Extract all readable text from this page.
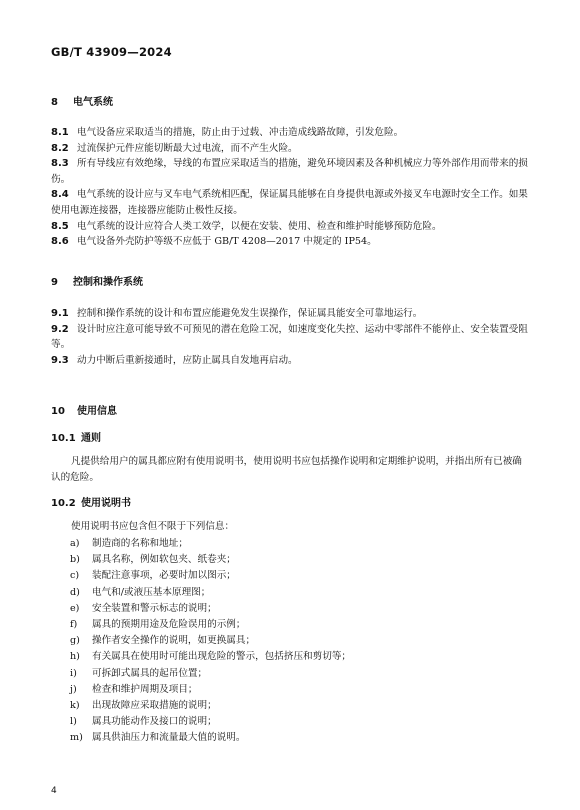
GB/T 43909—2024
8 电气系统
8.1 电气设备应采取适当的措施，防止由于过载、冲击造成线路故障，引发危险。
8.2 过流保护元件应能切断最大过电流，而不产生火险。
8.3 所有导线应有效绝缘，导线的布置应采取适当的措施，避免环境因素及各种机械应力等外部作用而带来的损伤。
8.4 电气系统的设计应与叉车电气系统相匹配，保证属具能够在自身提供电源或外接叉车电源时安全工作。如果使用电源连接器，连接器应能防止极性反接。
8.5 电气系统的设计应符合人类工效学，以便在安装、使用、检查和维护时能够预防危险。
8.6 电气设备外壳防护等级不应低于 GB/T 4208—2017 中规定的 IP54。
9 控制和操作系统
9.1 控制和操作系统的设计和布置应能避免发生误操作，保证属具能安全可靠地运行。
9.2 设计时应注意可能导致不可预见的潜在危险工况，如速度变化失控、运动中零部件不能停止、安全装置受阻等。
9.3 动力中断后重新接通时，应防止属具自发地再启动。
10 使用信息
10.1 通则
凡提供给用户的属具都应附有使用说明书，使用说明书应包括操作说明和定期维护说明，并指出所有已被确认的危险。
10.2 使用说明书
使用说明书应包含但不限于下列信息：
a) 制造商的名称和地址；
b) 属具名称，例如软包夹、纸卷夹；
c) 装配注意事项，必要时加以图示；
d) 电气和/或液压基本原理图；
e) 安全装置和警示标志的说明；
f) 属具的预期用途及危险误用的示例；
g) 操作者安全操作的说明，如更换属具；
h) 有关属具在使用时可能出现危险的警示，包括挤压和剪切等；
i) 可拆卸式属具的起吊位置；
j) 检查和维护周期及项目；
k) 出现故障应采取措施的说明；
l) 属具功能动作及接口的说明；
m) 属具供油压力和流量最大值的说明。
4
